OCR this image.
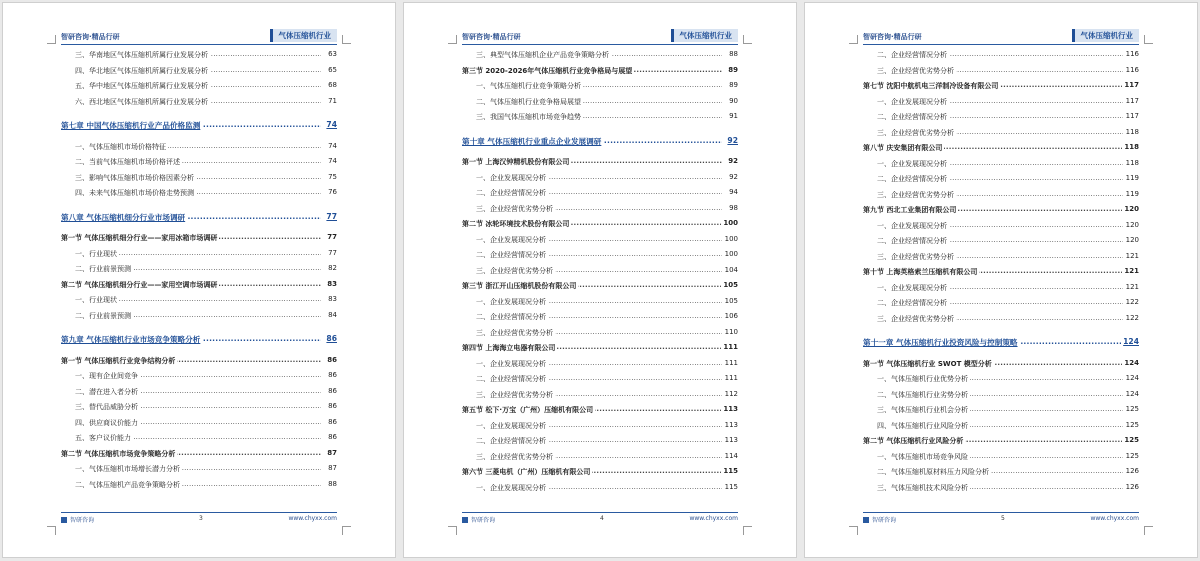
智研咨询·精品行研	气体压缩机行业
.....
三、华南地区气体压缩机所属行业发展分析	63
.....
四、华北地区气体压缩机所属行业发展分析	65
.....
五、华中地区气体压缩机所属行业发展分析	68
.....
六、西北地区气体压缩机所属行业发展分析	71
.....
第七章 中国气体压缩机行业产品价格监测	74
.....
一、气体压缩机市场价格特征	74
.....
二、当前气体压缩机市场价格评述	74
.....
三、影响气体压缩机市场价格因素分析	75
.....
四、未来气体压缩机市场价格走势预测	76
.....
第八章 气体压缩机细分行业市场调研	77
.....
第一节 气体压缩机细分行业——家用冰箱市场调研	77
.....
一、行业现状	77
.....
二、行业前景预测	82
.....
第二节 气体压缩机细分行业——家用空调市场调研	83
.....
一、行业现状	83
.....
二、行业前景预测	84
.....
第九章 气体压缩机行业市场竞争策略分析	86
.....
第一节 气体压缩机行业竞争结构分析	86
.....
一、现有企业间竞争	86
.....
二、潜在进入者分析	86
.....
三、替代品威胁分析	86
.....
四、供应商议价能力	86
.....
五、客户议价能力	86
.....
第二节 气体压缩机市场竞争策略分析	87
.....
一、气体压缩机市场增长潜力分析	87
.....
二、气体压缩机产品竞争策略分析	88
智研咨询	3	www.chyxx.com
智研咨询·精品行研	气体压缩机行业
.....
三、典型气体压缩机企业产品竞争策略分析	88
.....
第三节 2020-2026年气体压缩机行业竞争格局与展望	89
.....
一、气体压缩机行业竞争策略分析	89
.....
二、气体压缩机行业竞争格局展望	90
.....
三、我国气体压缩机市场竞争趋势	91
.....
第十章 气体压缩机行业重点企业发展调研	92
.....
第一节 上海汉钟精机股份有限公司	92
.....
一、企业发展现况分析	92
.....
二、企业经营情况分析	94
.....
三、企业经营优劣势分析	98
.....
第二节 冰轮环境技术股份有限公司	100
.....
一、企业发展现况分析	100
.....
二、企业经营情况分析	100
.....
三、企业经营优劣势分析	104
.....
第三节 浙江开山压缩机股份有限公司	105
.....
一、企业发展现况分析	105
.....
二、企业经营情况分析	106
.....
三、企业经营优劣势分析	110
.....
第四节 上海海立电器有限公司	111
.....
一、企业发展现况分析	111
.....
二、企业经营情况分析	111
.....
三、企业经营优劣势分析	112
.....
第五节 松下·万宝（广州）压缩机有限公司	113
.....
一、企业发展现况分析	113
.....
二、企业经营情况分析	113
.....
三、企业经营优劣势分析	114
.....
第六节 三菱电机（广州）压缩机有限公司	115
.....
一、企业发展现况分析	115
智研咨询	4	www.chyxx.com
智研咨询·精品行研	气体压缩机行业
.....
二、企业经营情况分析	116
.....
三、企业经营优劣势分析	116
.....
第七节 沈阳中航机电三洋制冷设备有限公司	117
.....
一、企业发展现况分析	117
.....
二、企业经营情况分析	117
.....
三、企业经营优劣势分析	118
.....
第八节 庆安集团有限公司	118
.....
一、企业发展现况分析	118
.....
二、企业经营情况分析	119
.....
三、企业经营优劣势分析	119
.....
第九节 西北工业集团有限公司	120
.....
一、企业发展现况分析	120
.....
二、企业经营情况分析	120
.....
三、企业经营优劣势分析	121
.....
第十节 上海英格索兰压缩机有限公司	121
.....
一、企业发展现况分析	121
.....
二、企业经营情况分析	122
.....
三、企业经营优劣势分析	122
.....
第十一章 气体压缩机行业投资风险与控制策略	124
.....
第一节 气体压缩机行业 SWOT 模型分析	124
.....
一、气体压缩机行业优势分析	124
.....
二、气体压缩机行业劣势分析	124
.....
三、气体压缩机行业机会分析	125
.....
四、气体压缩机行业风险分析	125
.....
第二节 气体压缩机行业风险分析	125
.....
一、气体压缩机市场竞争风险	125
.....
二、气体压缩机原材料压力风险分析	126
.....
三、气体压缩机技术风险分析	126
智研咨询	5	www.chyxx.com
